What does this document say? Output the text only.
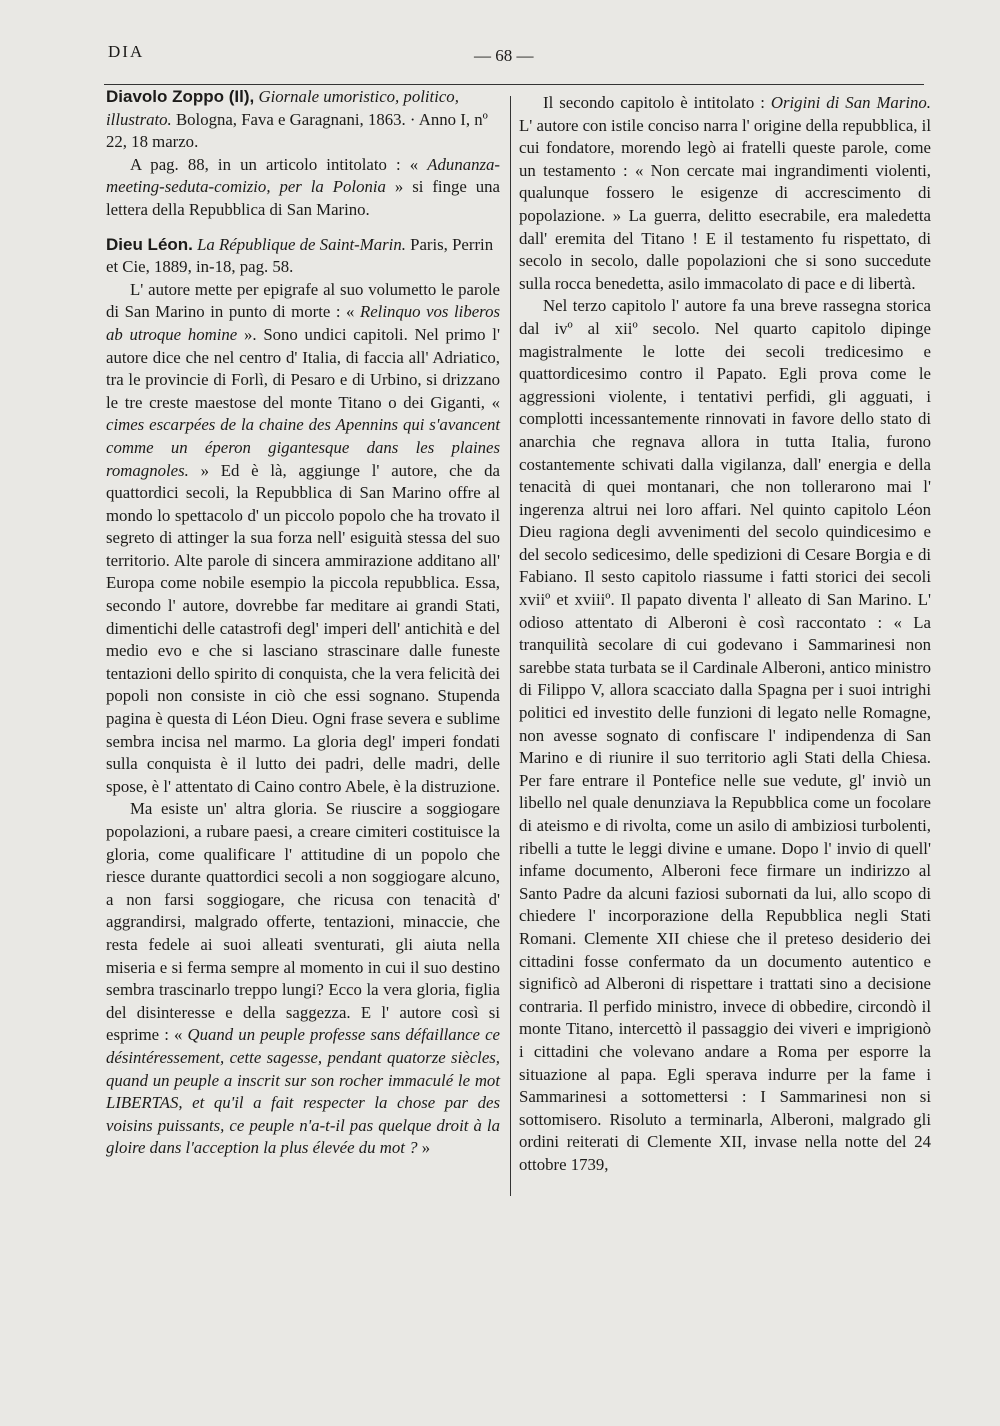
DIA	— 68 —
Diavolo Zoppo (Il), Giornale umoristico, politico, illustrato. Bologna, Fava e Garagnani, 1863. · Anno I, nº 22, 18 marzo.

A pag. 88, in un articolo intitolato : « Adunanza-meeting-seduta-comizio, per la Polonia » si finge una lettera della Repubblica di San Marino.

Dieu Léon. La République de Saint-Marin. Paris, Perrin et Cie, 1889, in-18, pag. 58.

L' autore mette per epigrafe al suo volumetto le parole di San Marino in punto di morte : « Relinquo vos liberos ab utroque homine ». Sono undici capitoli. Nel primo l' autore dice che nel centro d' Italia, di faccia all' Adriatico, tra le provincie di Forlì, di Pesaro e di Urbino, si drizzano le tre creste maestose del monte Titano o dei Giganti, « cimes escarpées de la chaine des Apennins qui s'avancent comme un éperon gigantesque dans les plaines romagnoles. » Ed è là, aggiunge l' autore, che da quattordici secoli, la Repubblica di San Marino offre al mondo lo spettacolo d' un piccolo popolo che ha trovato il segreto di attinger la sua forza nell' esiguità stessa del suo territorio. Alte parole di sincera ammirazione additano all' Europa come nobile esempio la piccola repubblica. Essa, secondo l' autore, dovrebbe far meditare ai grandi Stati, dimentichi delle catastrofi degl' imperi dell' antichità e del medio evo e che si lasciano strascinare dalle funeste tentazioni dello spirito di conquista, che la vera felicità dei popoli non consiste in ciò che essi sognano. Stupenda pagina è questa di Léon Dieu. Ogni frase severa e sublime sembra incisa nel marmo. La gloria degl' imperi fondati sulla conquista è il lutto dei padri, delle madri, delle spose, è l' attentato di Caino contro Abele, è la distruzione.

Ma esiste un' altra gloria. Se riuscire a soggiogare popolazioni, a rubare paesi, a creare cimiteri costituisce la gloria, come qualificare l' attitudine di un popolo che riesce durante quattordici secoli a non soggiogare alcuno, a non farsi soggiogare, che ricusa con tenacità d' aggrandirsi, malgrado offerte, tentazioni, minaccie, che resta fedele ai suoi alleati sventurati, gli aiuta nella miseria e si ferma sempre al momento in cui il suo destino sembra trascinarlo treppo lungi? Ecco la vera gloria, figlia del disinteresse e della saggezza. E l' autore così si esprime : « Quand un peuple professe sans défaillance ce désintéressement, cette sagesse, pendant quatorze siècles, quand un peuple a inscrit sur son rocher immaculé le mot LIBERTAS, et qu'il a fait respecter la chose par des voisins puissants, ce peuple n'a-t-il pas quelque droit à la gloire dans l'acception la plus élevée du mot ? »

Il secondo capitolo è intitolato : Origini di San Marino. L' autore con istile conciso narra l' origine della repubblica, il cui fondatore, morendo legò ai fratelli queste parole, come un testamento : « Non cercate mai ingrandimenti violenti, qualunque fossero le esigenze di accrescimento di popolazione. » La guerra, delitto esecrabile, era maledetta dall' eremita del Titano ! E il testamento fu rispettato, di secolo in secolo, dalle popolazioni che si sono succedute sulla rocca benedetta, asilo immacolato di pace e di libertà.

Nel terzo capitolo l' autore fa una breve rassegna storica dal ivº al xiiº secolo. Nel quarto capitolo dipinge magistralmente le lotte dei secoli tredicesimo e quattordicesimo contro il Papato. Egli prova come le aggressioni violente, i tentativi perfidi, gli agguati, i complotti incessantemente rinnovati in favore dello stato di anarchia che regnava allora in tutta Italia, furono costantemente schivati dalla vigilanza, dall' energia e della tenacità di quei montanari, che non tollerarono mai l' ingerenza altrui nei loro affari. Nel quinto capitolo Léon Dieu ragiona degli avvenimenti del secolo quindicesimo e del secolo sedicesimo, delle spedizioni di Cesare Borgia e di Fabiano. Il sesto capitolo riassume i fatti storici dei secoli xviiº et xviiiº. Il papato diventa l' alleato di San Marino. L' odioso attentato di Alberoni è così raccontato : « La tranquilità secolare di cui godevano i Sammarinesi non sarebbe stata turbata se il Cardinale Alberoni, antico ministro di Filippo V, allora scacciato dalla Spagna per i suoi intrighi politici ed investito delle funzioni di legato nelle Romagne, non avesse sognato di confiscare l' indipendenza di San Marino e di riunire il suo territorio agli Stati della Chiesa. Per fare entrare il Pontefice nelle sue vedute, gl' inviò un libello nel quale denunziava la Repubblica come un focolare di ateismo e di rivolta, come un asilo di ambiziosi turbolenti, ribelli a tutte le leggi divine e umane. Dopo l' invio di quell' infame documento, Alberoni fece firmare un indirizzo al Santo Padre da alcuni faziosi subornati da lui, allo scopo di chiedere l' incorporazione della Repubblica negli Stati Romani. Clemente XII chiese che il preteso desiderio dei cittadini fosse confermato da un documento autentico e significò ad Alberoni di rispettare i trattati sino a decisione contraria. Il perfido ministro, invece di obbedire, circondò il monte Titano, intercettò il passaggio dei viveri e imprigionò i cittadini che volevano andare a Roma per esporre la situazione al papa. Egli sperava indurre per la fame i Sammarinesi a sottomettersi : I Sammarinesi non si sottomisero. Risoluto a terminarla, Alberoni, malgrado gli ordini reiterati di Clemente XII, invase nella notte del 24 ottobre 1739,
